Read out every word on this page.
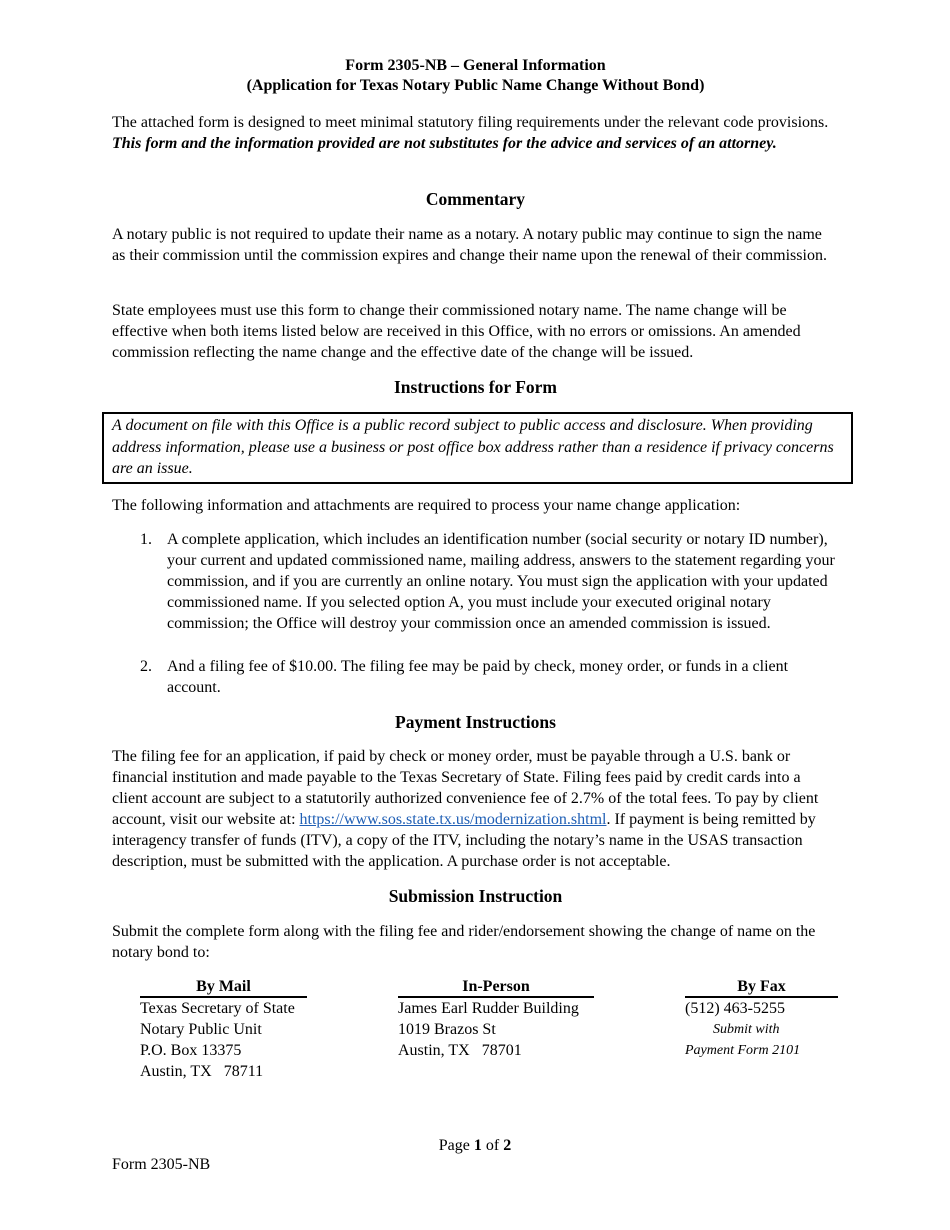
Form 2305-NB – General Information
(Application for Texas Notary Public Name Change Without Bond)
The attached form is designed to meet minimal statutory filing requirements under the relevant code provisions. This form and the information provided are not substitutes for the advice and services of an attorney.
Commentary
A notary public is not required to update their name as a notary. A notary public may continue to sign the name as their commission until the commission expires and change their name upon the renewal of their commission.
State employees must use this form to change their commissioned notary name. The name change will be effective when both items listed below are received in this Office, with no errors or omissions. An amended commission reflecting the name change and the effective date of the change will be issued.
Instructions for Form
A document on file with this Office is a public record subject to public access and disclosure. When providing address information, please use a business or post office box address rather than a residence if privacy concerns are an issue.
The following information and attachments are required to process your name change application:
1. A complete application, which includes an identification number (social security or notary ID number), your current and updated commissioned name, mailing address, answers to the statement regarding your commission, and if you are currently an online notary. You must sign the application with your updated commissioned name. If you selected option A, you must include your executed original notary commission; the Office will destroy your commission once an amended commission is issued.
2. And a filing fee of $10.00. The filing fee may be paid by check, money order, or funds in a client account.
Payment Instructions
The filing fee for an application, if paid by check or money order, must be payable through a U.S. bank or financial institution and made payable to the Texas Secretary of State. Filing fees paid by credit cards into a client account are subject to a statutorily authorized convenience fee of 2.7% of the total fees. To pay by client account, visit our website at: https://www.sos.state.tx.us/modernization.shtml. If payment is being remitted by interagency transfer of funds (ITV), a copy of the ITV, including the notary’s name in the USAS transaction description, must be submitted with the application. A purchase order is not acceptable.
Submission Instruction
Submit the complete form along with the filing fee and rider/endorsement showing the change of name on the notary bond to:
By Mail
Texas Secretary of State
Notary Public Unit
P.O. Box 13375
Austin, TX   78711
In-Person
James Earl Rudder Building
1019 Brazos St
Austin, TX   78701
By Fax
(512) 463-5255
Submit with
Payment Form 2101
Page 1 of 2
Form 2305-NB
